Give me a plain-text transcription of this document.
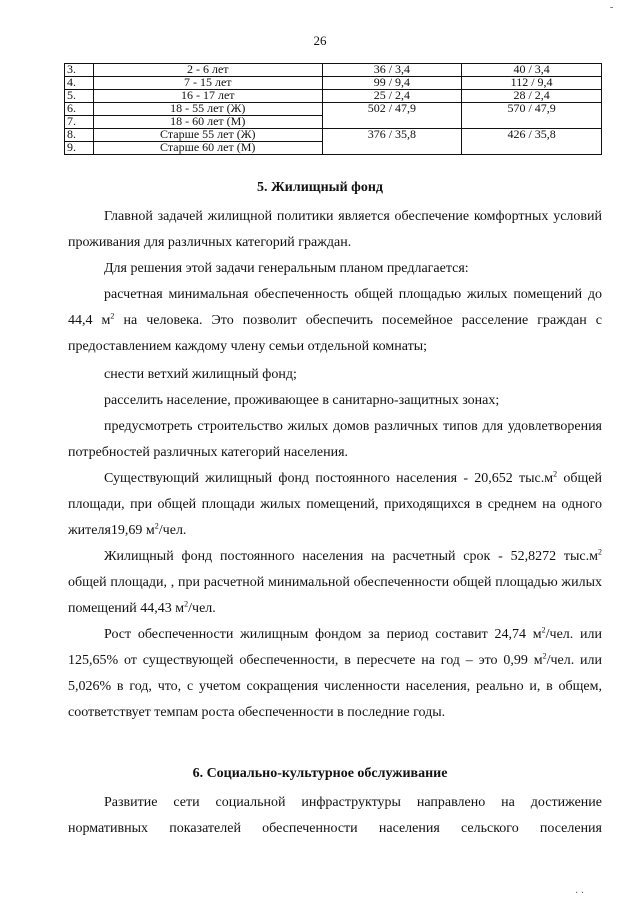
-
26
3.	2 - 6 лет	36 / 3,4	40 / 3,4
4.	7 - 15 лет	99 / 9,4	112 / 9,4
5.	16 - 17 лет	25 / 2,4	28 / 2,4
6.	18 - 55 лет (Ж)	502 / 47,9	570 / 47,9
7.	18 - 60 лет (М)		
8.	Старше 55 лет (Ж)	376 / 35,8	426 / 35,8
9.	Старше 60 лет (М)		
5. Жилищный фонд
Главной задачей жилищной политики является обеспечение комфортных условий проживания для различных категорий граждан.
Для решения этой задачи генеральным планом предлагается:
расчетная минимальная обеспеченность общей площадью жилых помещений до 44,4 $м^2$ на человека. Это позволит обеспечить посемейное расселение граждан с предоставлением каждому члену семьи отдельной комнаты;
снести ветхий жилищный фонд;
расселить население, проживающее в санитарно-защитных зонах;
предусмотреть строительство жилых домов различных типов для удовлетворения потребностей различных категорий населения.
Существующий жилищный фонд постоянного населения - 20,652 $тыс.м^2$ общей площади, при общей площади жилых помещений, приходящихся в среднем на одного жителя19,69 $м^2$/чел.
Жилищный фонд постоянного населения на расчетный срок - 52,8272 $тыс.м^2$ общей площади, , при расчетной минимальной обеспеченности общей площадью жилых помещений 44,43 $м^2$/чел.
Рост обеспеченности жилищным фондом за период составит 24,74 $м^2$/чел. или 125,65% от существующей обеспеченности, в пересчете на год – это 0,99 $м^2$/чел. или 5,026% в год, что, с учетом сокращения численности населения, реально и, в общем, соответствует темпам роста обеспеченности в последние годы.
6. Социально-культурное обслуживание
Развитие сети социальной инфраструктуры направлено на достижение нормативных показателей обеспеченности населения сельского поселения
· ·
